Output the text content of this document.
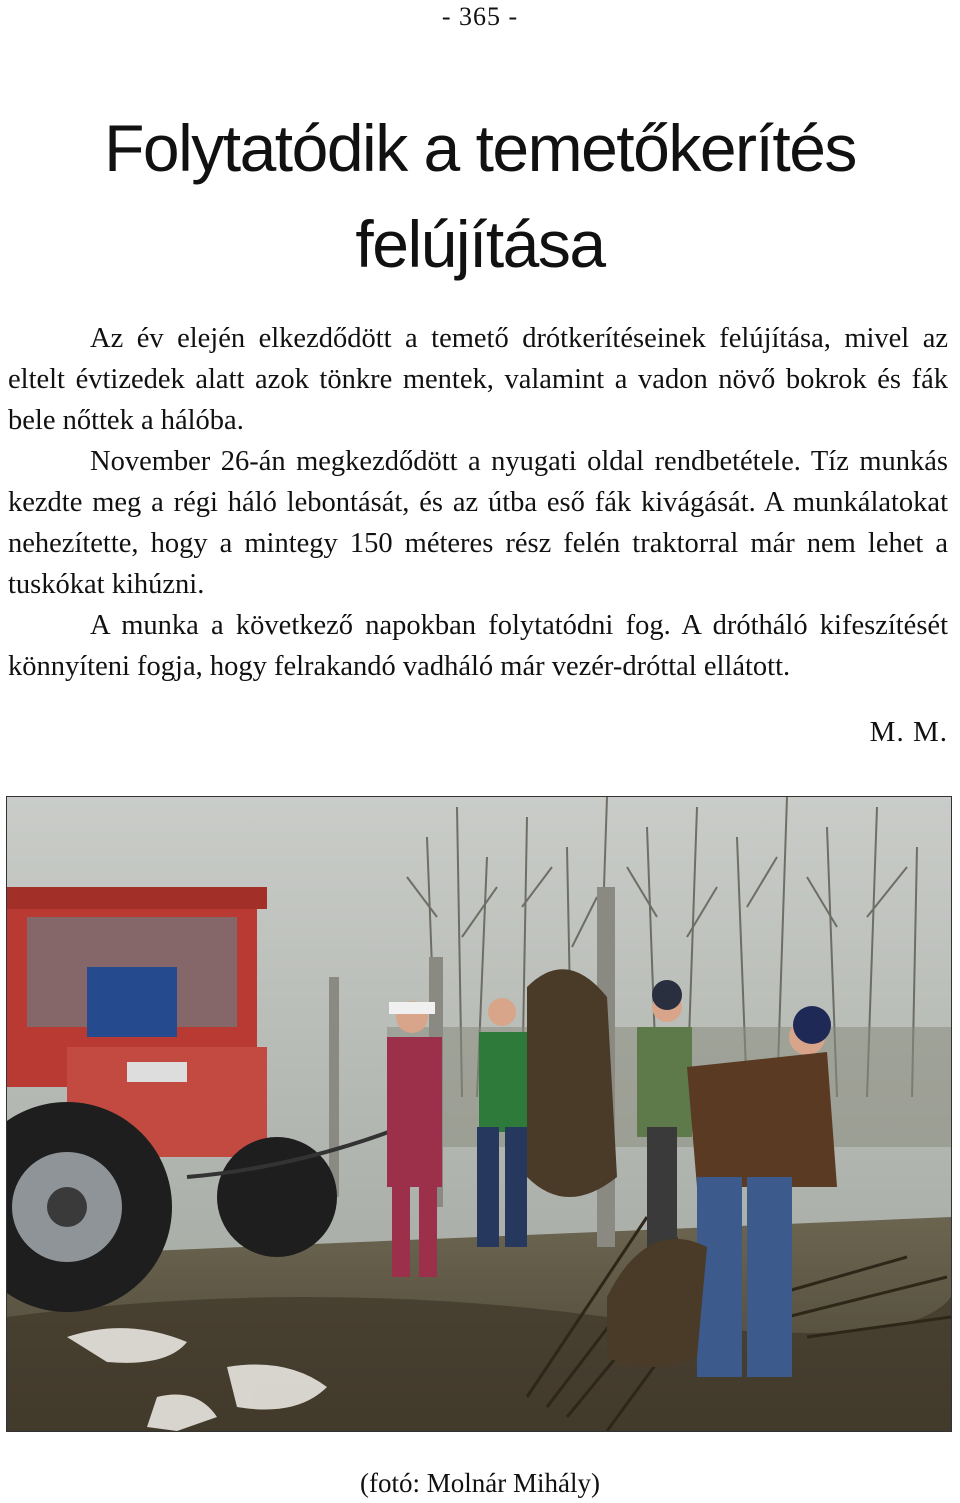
- 365 -
Folytatódik a temetőkerítés
felújítása

Az év elején elkezdődött a temető drótkerítéseinek felújítása, mivel az eltelt évtizedek alatt azok tönkre mentek, valamint a vadon növő bokrok és fák bele nőttek a hálóba.

November 26-án megkezdődött a nyugati oldal rendbetétele. Tíz munkás kezdte meg a régi háló lebontását, és az útba eső fák kivágását. A munkálatokat nehezítette, hogy a mintegy 150 méteres rész felén traktorral már nem lehet a tuskókat kihúzni.

A munka a következő napokban folytatódni fog. A drótháló kifeszítését könnyíteni fogja, hogy felrakandó vadháló már vezér-dróttal ellátott.

M. M.
(fotó: Molnár Mihály)
